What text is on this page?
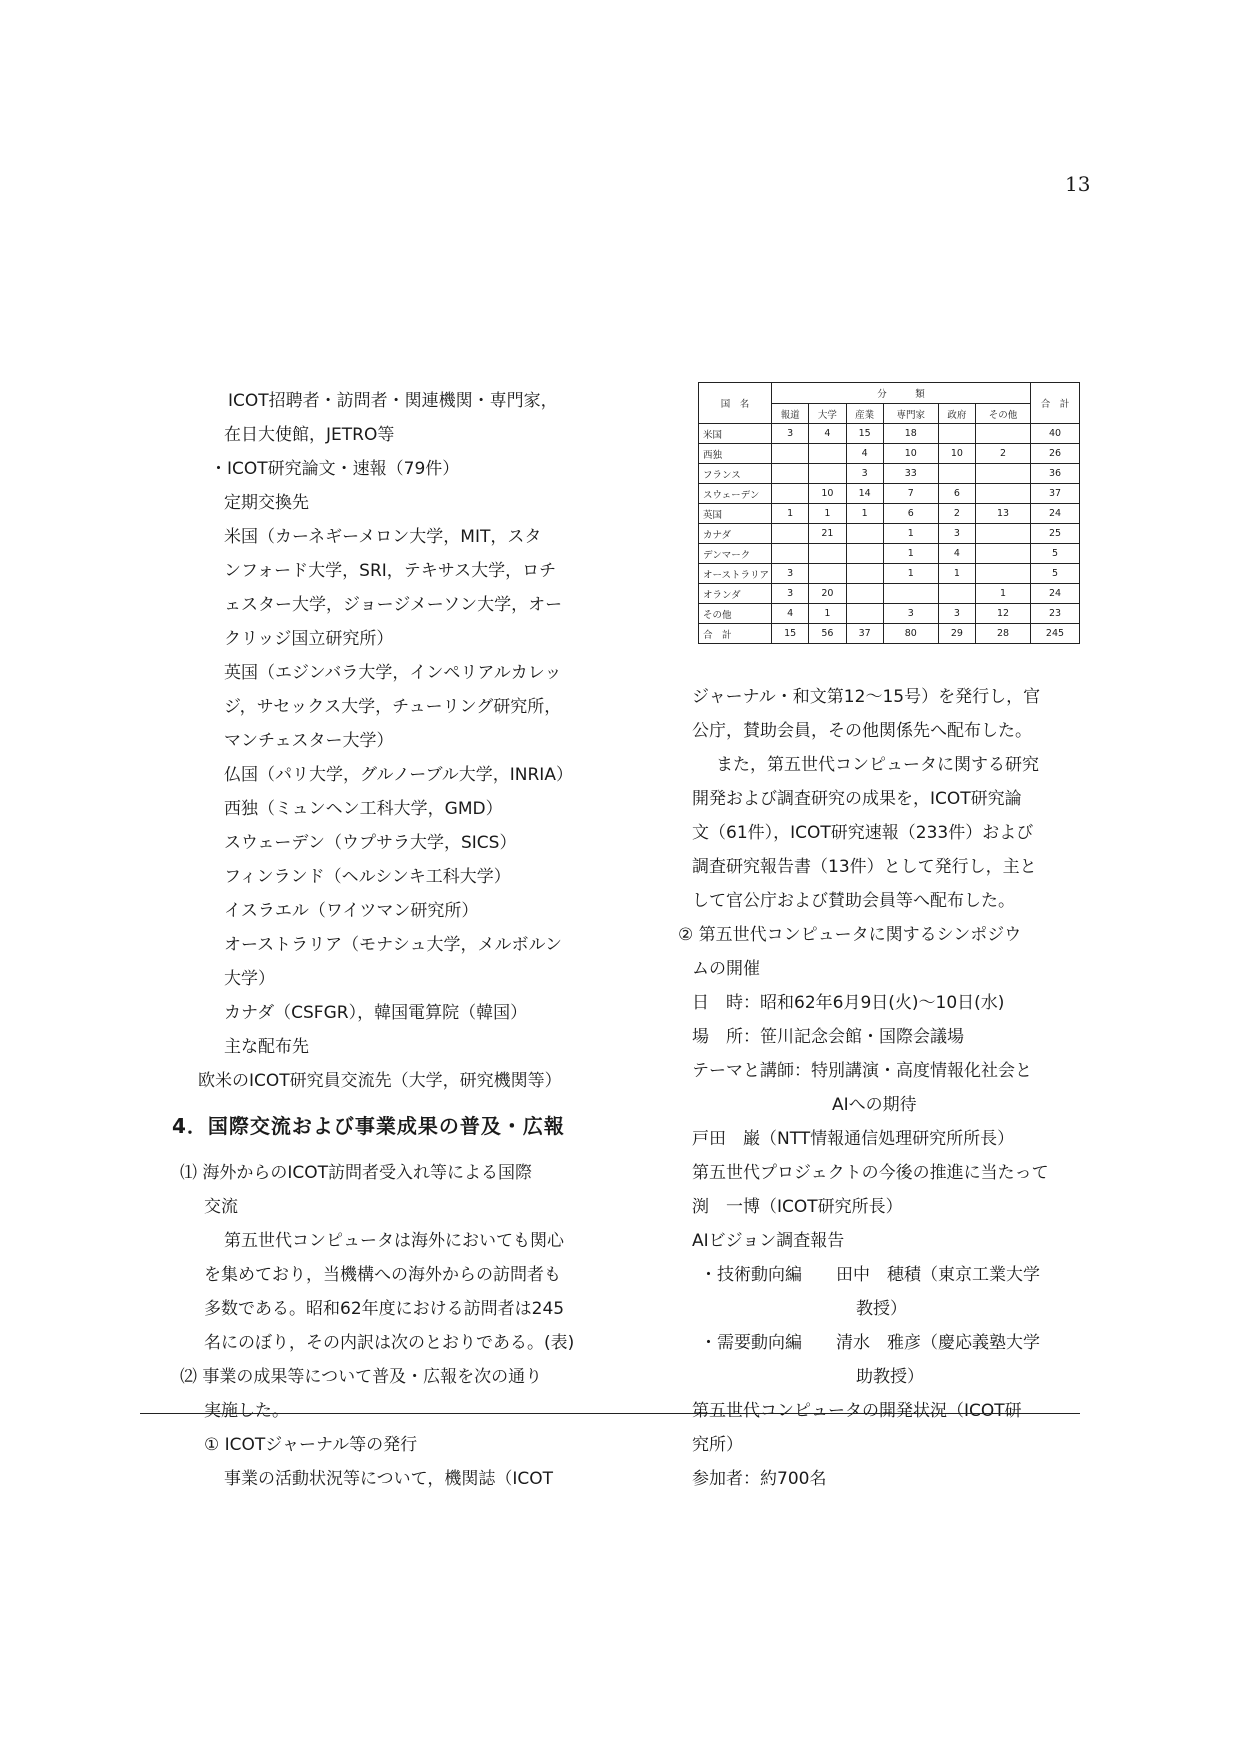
13
ICOT招聘者・訪問者・関連機関・専門家，
在日大使館，JETRO等
・ICOT研究論文・速報（79件）
定期交換先
米国（カーネギーメロン大学，MIT，スタ
ンフォード大学，SRI，テキサス大学，ロチ
ェスター大学，ジョージメーソン大学，オー
クリッジ国立研究所）
英国（エジンバラ大学，インペリアルカレッ
ジ，サセックス大学，チューリング研究所，
マンチェスター大学）
仏国（パリ大学，グルノーブル大学，INRIA）
西独（ミュンヘン工科大学，GMD）
スウェーデン（ウプサラ大学，SICS）
フィンランド（ヘルシンキ工科大学）
イスラエル（ワイツマン研究所）
オーストラリア（モナシュ大学，メルボルン
大学）
カナダ（CSFGR），韓国電算院（韓国）
主な配布先
欧米のICOT研究員交流先（大学，研究機関等）
4．国際交流および事業成果の普及・広報
⑴ 海外からのICOT訪問者受入れ等による国際
交流
第五世代コンピュータは海外においても関心
を集めており，当機構への海外からの訪問者も
多数である。昭和62年度における訪問者は245
名にのぼり，その内訳は次のとおりである。(表)
⑵ 事業の成果等について普及・広報を次の通り
実施した。
① ICOTジャーナル等の発行
事業の活動状況等について，機関誌（ICOT
国　名	分　　　類						合　計
	報道	大学	産業	専門家	政府	その他	
米国	3	4	15	18			40
西独			4	10	10	2	26
フランス			3	33			36
スウェーデン		10	14	7	6		37
英国	1	1	1	6	2	13	24
カナダ		21		1	3		25
デンマーク				1	4		5
オーストラリア	3			1	1		5
オランダ	3	20				1	24
その他	4	1		3	3	12	23
合　計	15	56	37	80	29	28	245
ジャーナル・和文第12〜15号）を発行し，官
公庁，賛助会員，その他関係先へ配布した。
また，第五世代コンピュータに関する研究
開発および調査研究の成果を，ICOT研究論
文（61件），ICOT研究速報（233件）および
調査研究報告書（13件）として発行し，主と
して官公庁および賛助会員等へ配布した。
② 第五世代コンピュータに関するシンポジウ
ムの開催
日　時：昭和62年6月9日(火)〜10日(水)
場　所：笹川記念会館・国際会議場
テーマと講師：特別講演・高度情報化社会と
AIへの期待
戸田　巌（NTT情報通信処理研究所所長）
第五世代プロジェクトの今後の推進に当たって
渕　一博（ICOT研究所長）
AIビジョン調査報告
・技術動向編　　田中　穂積（東京工業大学
教授）
・需要動向編　　清水　雅彦（慶応義塾大学
助教授）
第五世代コンピュータの開発状況（ICOT研
究所）
参加者：約700名
